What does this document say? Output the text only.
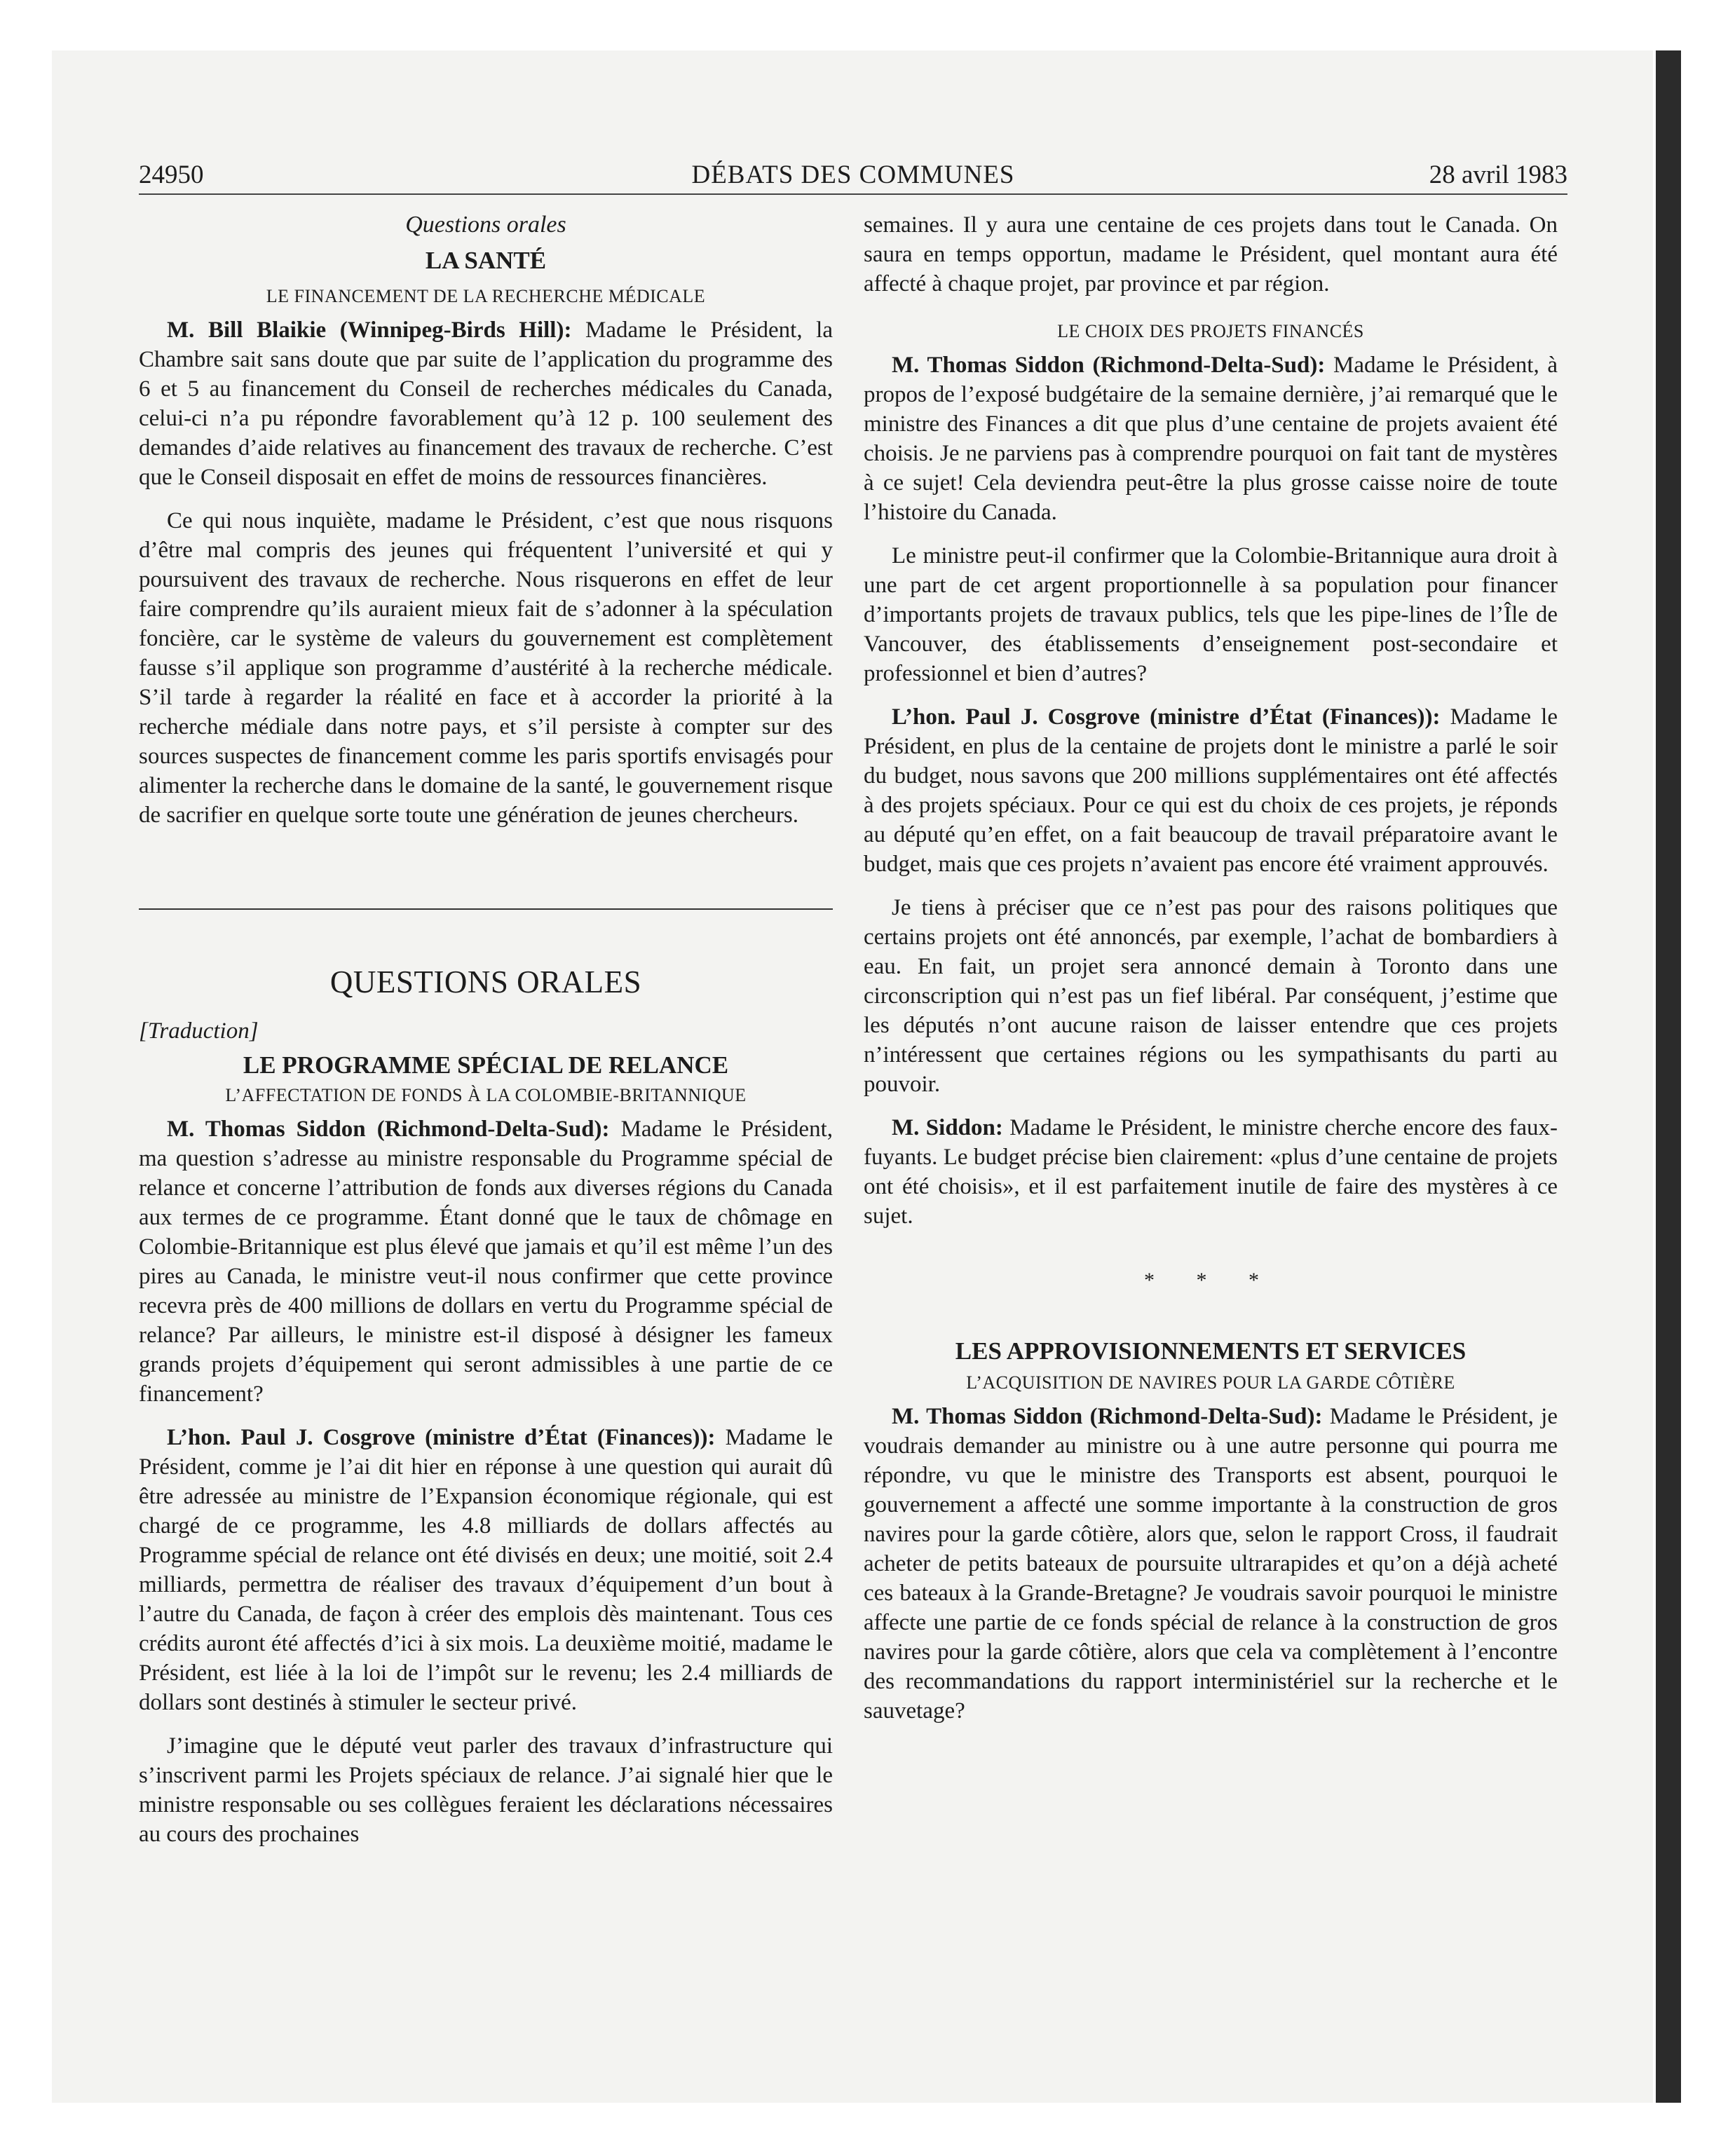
24950	DÉBATS DES COMMUNES	28 avril 1983
Questions orales
LA SANTÉ
LE FINANCEMENT DE LA RECHERCHE MÉDICALE

M. Bill Blaikie (Winnipeg-Birds Hill): Madame le Président, la Chambre sait sans doute que par suite de l’application du programme des 6 et 5 au financement du Conseil de recherches médicales du Canada, celui-ci n’a pu répondre favorablement qu’à 12 p. 100 seulement des demandes d’aide relatives au financement des travaux de recherche. C’est que le Conseil disposait en effet de moins de ressources financières.

Ce qui nous inquiète, madame le Président, c’est que nous risquons d’être mal compris des jeunes qui fréquentent l’université et qui y poursuivent des travaux de recherche. Nous risquerons en effet de leur faire comprendre qu’ils auraient mieux fait de s’adonner à la spéculation foncière, car le système de valeurs du gouvernement est complètement fausse s’il applique son programme d’austérité à la recherche médicale. S’il tarde à regarder la réalité en face et à accorder la priorité à la recherche médiale dans notre pays, et s’il persiste à compter sur des sources suspectes de financement comme les paris sportifs envisagés pour alimenter la recherche dans le domaine de la santé, le gouvernement risque de sacrifier en quelque sorte toute une génération de jeunes chercheurs.

QUESTIONS ORALES
[Traduction]
LE PROGRAMME SPÉCIAL DE RELANCE
L’AFFECTATION DE FONDS À LA COLOMBIE-BRITANNIQUE

M. Thomas Siddon (Richmond-Delta-Sud): Madame le Président, ma question s’adresse au ministre responsable du Programme spécial de relance et concerne l’attribution de fonds aux diverses régions du Canada aux termes de ce programme. Étant donné que le taux de chômage en Colombie-Britannique est plus élevé que jamais et qu’il est même l’un des pires au Canada, le ministre veut-il nous confirmer que cette province recevra près de 400 millions de dollars en vertu du Programme spécial de relance? Par ailleurs, le ministre est-il disposé à désigner les fameux grands projets d’équipement qui seront admissibles à une partie de ce financement?

L’hon. Paul J. Cosgrove (ministre d’État (Finances)): Madame le Président, comme je l’ai dit hier en réponse à une question qui aurait dû être adressée au ministre de l’Expansion économique régionale, qui est chargé de ce programme, les 4.8 milliards de dollars affectés au Programme spécial de relance ont été divisés en deux; une moitié, soit 2.4 milliards, permettra de réaliser des travaux d’équipement d’un bout à l’autre du Canada, de façon à créer des emplois dès maintenant. Tous ces crédits auront été affectés d’ici à six mois. La deuxième moitié, madame le Président, est liée à la loi de l’impôt sur le revenu; les 2.4 milliards de dollars sont destinés à stimuler le secteur privé.

J’imagine que le député veut parler des travaux d’infrastructure qui s’inscrivent parmi les Projets spéciaux de relance. J’ai signalé hier que le ministre responsable ou ses collègues feraient les déclarations nécessaires au cours des prochaines

semaines. Il y aura une centaine de ces projets dans tout le Canada. On saura en temps opportun, madame le Président, quel montant aura été affecté à chaque projet, par province et par région.

LE CHOIX DES PROJETS FINANCÉS

M. Thomas Siddon (Richmond-Delta-Sud): Madame le Président, à propos de l’exposé budgétaire de la semaine dernière, j’ai remarqué que le ministre des Finances a dit que plus d’une centaine de projets avaient été choisis. Je ne parviens pas à comprendre pourquoi on fait tant de mystères à ce sujet! Cela deviendra peut-être la plus grosse caisse noire de toute l’histoire du Canada.

Le ministre peut-il confirmer que la Colombie-Britannique aura droit à une part de cet argent proportionnelle à sa population pour financer d’importants projets de travaux publics, tels que les pipe-lines de l’Île de Vancouver, des établissements d’enseignement post-secondaire et professionnel et bien d’autres?

L’hon. Paul J. Cosgrove (ministre d’État (Finances)): Madame le Président, en plus de la centaine de projets dont le ministre a parlé le soir du budget, nous savons que 200 millions supplémentaires ont été affectés à des projets spéciaux. Pour ce qui est du choix de ces projets, je réponds au député qu’en effet, on a fait beaucoup de travail préparatoire avant le budget, mais que ces projets n’avaient pas encore été vraiment approuvés.

Je tiens à préciser que ce n’est pas pour des raisons politiques que certains projets ont été annoncés, par exemple, l’achat de bombardiers à eau. En fait, un projet sera annoncé demain à Toronto dans une circonscription qui n’est pas un fief libéral. Par conséquent, j’estime que les députés n’ont aucune raison de laisser entendre que ces projets n’intéressent que certaines régions ou les sympathisants du parti au pouvoir.

M. Siddon: Madame le Président, le ministre cherche encore des faux-fuyants. Le budget précise bien clairement: «plus d’une centaine de projets ont été choisis», et il est parfaitement inutile de faire des mystères à ce sujet.

* * *
LES APPROVISIONNEMENTS ET SERVICES
L’ACQUISITION DE NAVIRES POUR LA GARDE CÔTIÈRE

M. Thomas Siddon (Richmond-Delta-Sud): Madame le Président, je voudrais demander au ministre ou à une autre personne qui pourra me répondre, vu que le ministre des Transports est absent, pourquoi le gouvernement a affecté une somme importante à la construction de gros navires pour la garde côtière, alors que, selon le rapport Cross, il faudrait acheter de petits bateaux de poursuite ultrarapides et qu’on a déjà acheté ces bateaux à la Grande-Bretagne? Je voudrais savoir pourquoi le ministre affecte une partie de ce fonds spécial de relance à la construction de gros navires pour la garde côtière, alors que cela va complètement à l’encontre des recommandations du rapport interministériel sur la recherche et le sauvetage?
